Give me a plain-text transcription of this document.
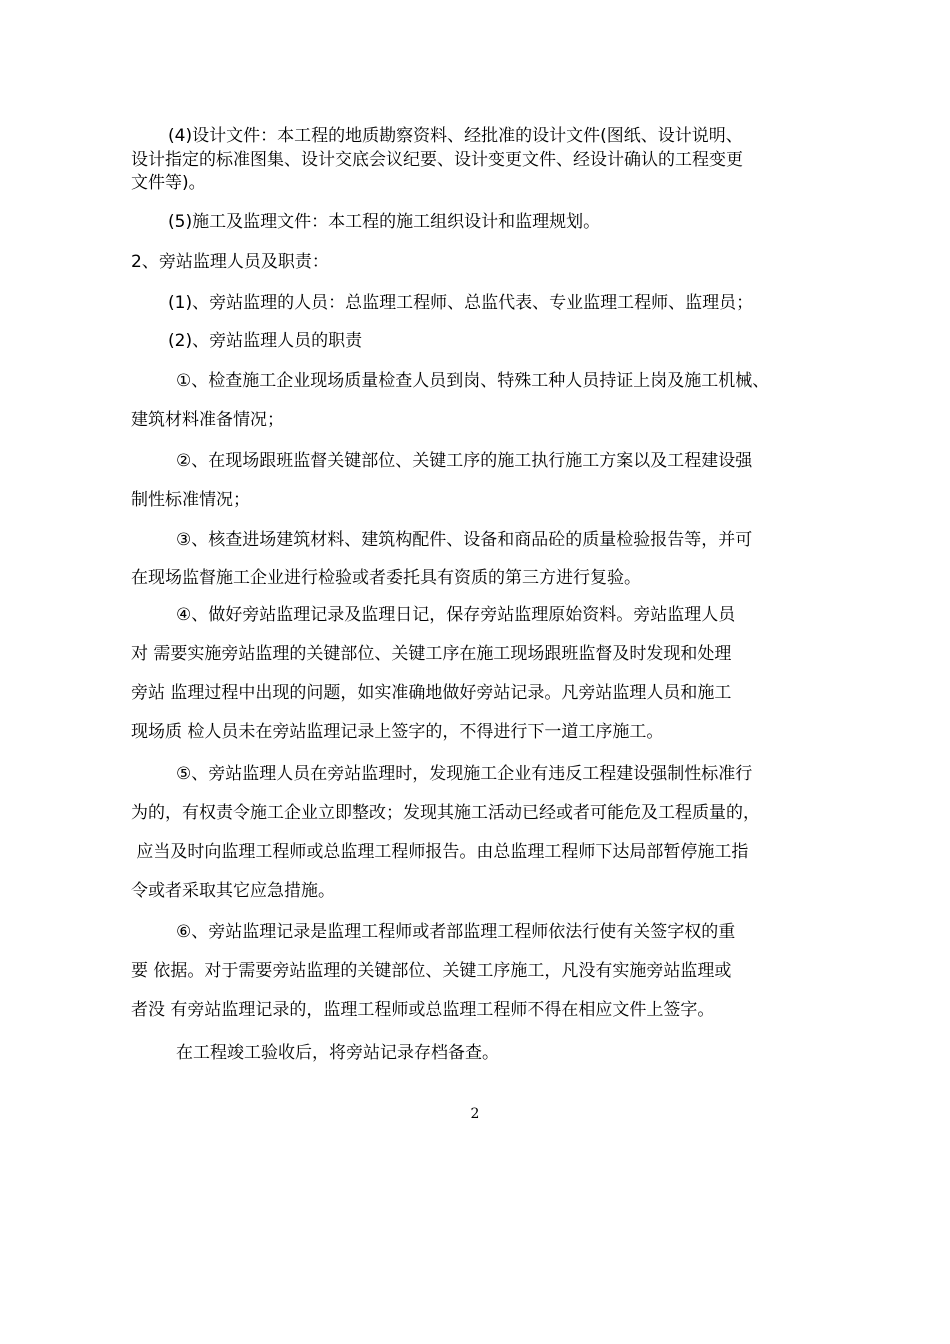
(4)设计文件：本工程的地质勘察资料、经批准的设计文件(图纸、设计说明、
设计指定的标准图集、设计交底会议纪要、设计变更文件、经设计确认的工程变更
文件等)。
(5)施工及监理文件：本工程的施工组织设计和监理规划。
2、旁站监理人员及职责：
(1)、旁站监理的人员：总监理工程师、总监代表、专业监理工程师、监理员；
(2)、旁站监理人员的职责
①、检查施工企业现场质量检查人员到岗、特殊工种人员持证上岗及施工机械、
建筑材料准备情况；
②、在现场跟班监督关键部位、关键工序的施工执行施工方案以及工程建设强
制性标准情况；
③、核查进场建筑材料、建筑构配件、设备和商品砼的质量检验报告等，并可
在现场监督施工企业进行检验或者委托具有资质的第三方进行复验。
④、做好旁站监理记录及监理日记，保存旁站监理原始资料。旁站监理人员
对 需要实施旁站监理的关键部位、关键工序在施工现场跟班监督及时发现和处理
旁站 监理过程中出现的问题，如实准确地做好旁站记录。凡旁站监理人员和施工
现场质 检人员未在旁站监理记录上签字的，不得进行下一道工序施工。
⑤、旁站监理人员在旁站监理时，发现施工企业有违反工程建设强制性标准行
为的，有权责令施工企业立即整改；发现其施工活动已经或者可能危及工程质量的，
应当及时向监理工程师或总监理工程师报告。由总监理工程师下达局部暂停施工指
令或者采取其它应急措施。
⑥、旁站监理记录是监理工程师或者部监理工程师依法行使有关签字权的重
要 依据。对于需要旁站监理的关键部位、关键工序施工，凡没有实施旁站监理或
者没 有旁站监理记录的，监理工程师或总监理工程师不得在相应文件上签字。
在工程竣工验收后，将旁站记录存档备查。
2
